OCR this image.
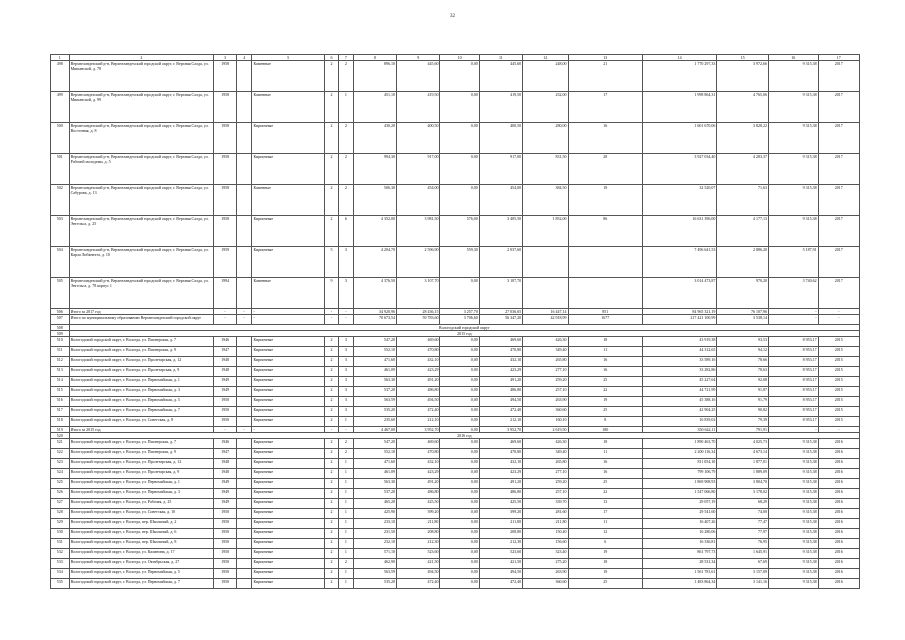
32
1	2	3	4	5	6	7	8	9	10	11	12	13	14	15	16	17
498	Верхнеландехский р-н, Верхнеландехский городской округ, г. Верхняя Салда, ул. Мишанской, д. 78	1958		Каменные	2	2	896,10	445,60	0,00	445,60	248,00	21	1 770 297,33	3 972,66	9 315,38	2017
499	Верхнеландехский р-н, Верхнеландехский городской округ, г. Верхняя Салда, ул. Мишанской, д. 99	1958		Каменные	2	1	451,10	419,50	0,00	419,50	232,00	17	1 998 864,31	4 765,06	9 315,38	2017
500	Верхнеландехский р-н, Верхнеландехский городской округ, г. Верхняя Салда, ул. Восточная, д. 8	1958		Кирпичные	2	2	430,20	400,50	0,00	400,50	280,00	16	1 601 670,06	3 828,22	9 315,38	2017
501	Верхнеландехский р-н, Верхнеландехский городской округ, г. Верхняя Салда, ул. Рабочей молодежи, д. 5	1958		Кирпичные	2	2	994,30	917,00	0,00	917,00	831,50	28	3 927 034,40	4 283,37	9 315,38	2017
502	Верхнеландехский р-н, Верхнеландехский городской округ, г. Верхняя Салда, ул. Сабурова, д. 13	1958		Каменные	2	2	506,30	454,00	0,00	454,00	384,50	19	32 520,07	71,63	9 315,38	2017
503	Верхнеландехский р-н, Верхнеландехский городской округ, г. Верхняя Салда, ул. Энгельса, д. 25	1958		Кирпичные	2	6	4 352,00	3 981,50	576,00	3 405,50	1 852,00	86	16 631 396,00	4 177,13	9 315,38	2017
504	Верхнеландехский р-н, Верхнеландехский городской округ, г. Верхняя Салда, ул. Карла Либкнехта, д. 10	1959		Кирпичные	5	3	4 204,70	2 596,90	559,30	2 037,60			7 496 641,53	2 886,20	5 187,91	2017
505	Верхнеландехский р-н, Верхнеландехский городской округ, г. Верхняя Салда, ул. Энгельса, д. 78 корпус 1	1994		Каменные	9	3	4 376,50	3 107,70	0,00	3 107,70			3 014 473,87	970,20	3 740,62	2017
506	Итого за 2017 год	-	-	-	-	-	34 920,96	28 436,15	3 257,70	27 036,65	16 447,14	851	84 965 321,19	76 107,96	-	-
507	Итого по муниципальному образованию Верхнеландехский городской округ	-	-	-	-	-	70 673,54	59 783,60	3 706,60	56 347,20	42 918,99	1677	217 421 100,99	3 538,14	-	-
508	Вологодский городской округ															
509	2015 год															
510	Вологодский городской округ, г. Вологда, ул. Пионерская, д. 7	1946		Кирпичные	2	3	547,20	469,60	0,00	469,60	426,30	18	43 919,38	93,53	8 953,17	2015
511	Вологодский городской округ, г. Вологда, ул. Пионерская, д. 9	1947		Кирпичные	2	3	552,10	470,80	0,00	470,80	349,40	11	44 312,65	94,12	8 953,17	2015
512	Вологодский городской округ, г. Вологда, ул. Пролетарская, д. 12	1948		Кирпичные	2	3	471,60	432,10	0,00	432,10	265,80	16	33 589,16	78,66	8 953,17	2015
513	Вологодский городской округ, г. Вологда, ул. Пролетарская, д. 9	1948		Кирпичные	2	3	461,09	423,29	0,00	423,29	277,10	16	33 282,86	78,63	8 953,17	2015
514	Вологодский городской округ, г. Вологда, ул. Первомайская, д. 1	1949		Кирпичные	2	3	563,30	491,20	0,00	491,20	259,20	25	45 227,64	92,08	8 953,17	2015
515	Вологодский городской округ, г. Вологда, ул. Первомайская, д. 3	1949		Кирпичные	2	3	537,20	486,80	0,00	486,80	257,10	22	44 721,99	91,87	8 953,17	2015
516	Вологодский городской округ, г. Вологда, ул. Первомайская, д. 5	1950		Кирпичные	2	3	563,59	494,50	0,00	494,50	263,90	19	45 388,16	91,79	8 953,17	2015
517	Вологодский городской округ, г. Вологда, ул. Первомайская, д. 7	1950		Кирпичные	2	3	535,20	472,40	0,00	472,40	360,60	25	42 904,25	90,82	8 953,17	2015
518	Вологодский городской округ, г. Вологда, ул. Советская, д. 8	1950		Кирпичные	2	1	235,60	212,10	0,00	212,10	160,10	8	16 839,02	79,39	8 953,17	2015
519	Итого за 2015 год	-	-	-	-	-	4 467,00	3 952,70	0,00	3 952,70	2 619,50	180	350 642,11	791,91	-	-
520	2016 год															
521	Вологодский городской округ, г. Вологда, ул. Пионерская, д. 7	1946		Кирпичные	2	2	547,20	469,60	0,00	469,60	426,30	18	1 890 463,70	4 025,73	9 315,38	2016
522	Вологодский городской округ, г. Вологда, ул. Пионерская, д. 9	1947		Кирпичные	2	2	552,10	470,80	0,00	470,80	349,40	11	2 200 116,34	4 673,14	9 315,38	2016
523	Вологодский городской округ, г. Вологда, ул. Пролетарская, д. 12	1948		Кирпичные	2	1	471,60	432,10	0,00	432,10	265,80	16	811 054,10	1 877,01	9 315,38	2016
524	Вологодский городской округ, г. Вологда, ул. Пролетарская, д. 9	1948		Кирпичные	2	1	461,09	423,29	0,00	423,29	277,10	16	799 106,79	1 889,09	9 315,38	2016
525	Вологодский городской округ, г. Вологда, ул. Первомайская, д. 1	1949		Кирпичные	2	1	563,30	491,20	0,00	491,20	259,20	25	1 869 908,93	3 804,70	9 315,38	2016
526	Вологодский городской округ, г. Вологда, ул. Первомайская, д. 3	1949		Кирпичные	2	1	537,20	486,80	0,00	486,80	257,10	22	1 547 066,80	3 178,02	9 315,38	2016
527	Вологодский городской округ, г. Вологда, ул. Рабочая, д. 25	1949		Кирпичные	2	1	465,20	425,50	0,00	425,50	339,70	13	29 057,19	68,29	9 315,38	2016
528	Вологодский городской округ, г. Вологда, ул. Советская, д. 10	1950		Кирпичные	2	1	425,90	399,20	0,00	399,20	281,60	17	29 541,60	74,00	9 315,38	2016
529	Вологодский городской округ, г. Вологда, пер. Школьный, д. 2	1950		Кирпичные	2	1	233,10	211,80	0,00	211,80	211,80	11	16 407,26	77,47	9 315,38	2016
530	Вологодский городской округ, г. Вологда, пер. Школьный, д. 6	1950		Кирпичные	2	1	231,50	208,80	0,00	208,80	150,40	12	16 280,06	77,97	9 315,38	2016
531	Вологодский городской округ, г. Вологда, пер. Школьный, д. 8	1950		Кирпичные	2	1	232,10	212,30	0,00	212,30	156,60	6	16 336,81	76,95	9 315,38	2016
532	Вологодский городской округ, г. Вологда, ул. Калинина, д. 17	1950		Кирпичные	2	1	571,10	523,60	0,00	523,60	323,40	19	861 797,73	1 645,91	9 315,38	2016
533	Вологодский городской округ, г. Вологда, ул. Октябрьская, д. 27	1950		Кирпичные	2	2	462,90	421,50	0,00	421,50	275,20	18	28 531,34	67,69	9 315,38	2016
534	Вологодский городской округ, г. Вологда, ул. Первомайская, д. 5	1950		Кирпичные	2	1	563,59	494,50	0,00	494,50	263,90	19	1 561 781,61	3 157,09	9 315,38	2016
535	Вологодский городской округ, г. Вологда, ул. Первомайская, д. 7	1950		Кирпичные	2	1	535,20	472,40	0,00	472,40	360,60	25	1 483 864,34	3 141,16	9 315,38	2016
